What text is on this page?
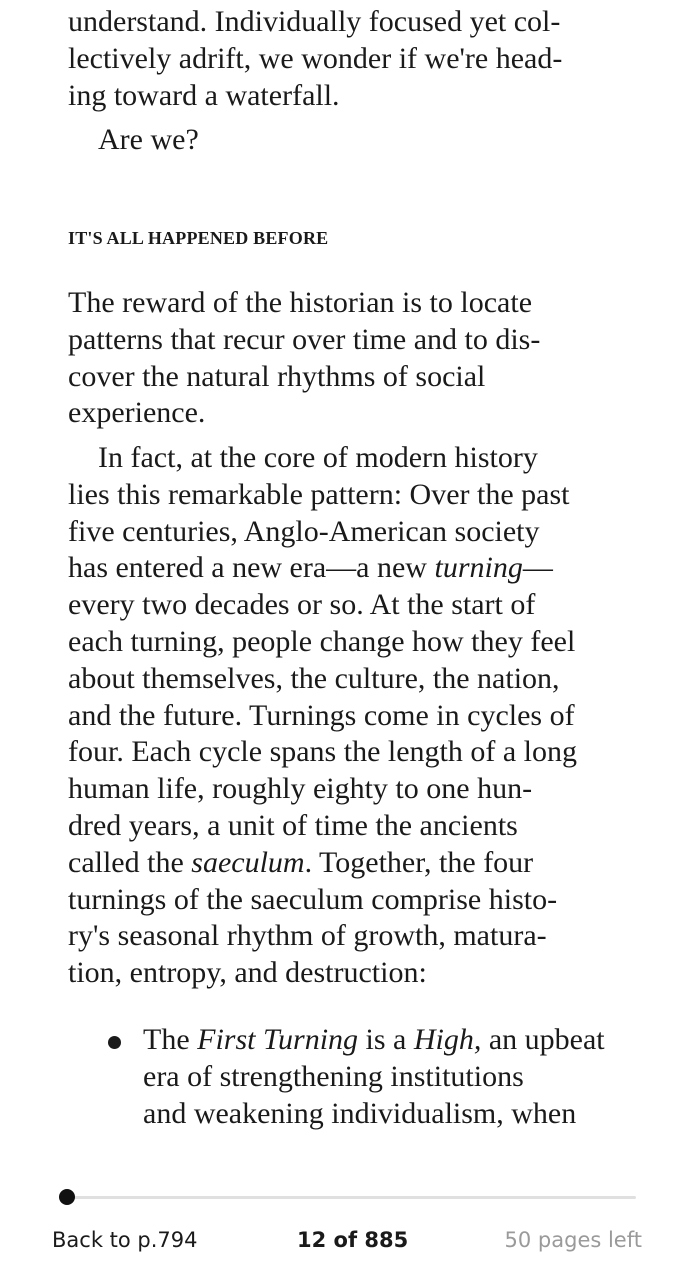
understand. Individually focused yet col-
lectively adrift, we wonder if we're head-
ing toward a waterfall.
Are we?
IT'S ALL HAPPENED BEFORE
The reward of the historian is to locate
patterns that recur over time and to dis-
cover the natural rhythms of social
experience.
In fact, at the core of modern history
lies this remarkable pattern: Over the past
five centuries, Anglo-American society
has entered a new era—a new turning—
every two decades or so. At the start of
each turning, people change how they feel
about themselves, the culture, the nation,
and the future. Turnings come in cycles of
four. Each cycle spans the length of a long
human life, roughly eighty to one hun-
dred years, a unit of time the ancients
called the saeculum. Together, the four
turnings of the saeculum comprise histo-
ry's seasonal rhythm of growth, matura-
tion, entropy, and destruction:
The First Turning is a High, an upbeat
era of strengthening institutions
and weakening individualism, when
Back to p.794	12 of 885	50 pages left
